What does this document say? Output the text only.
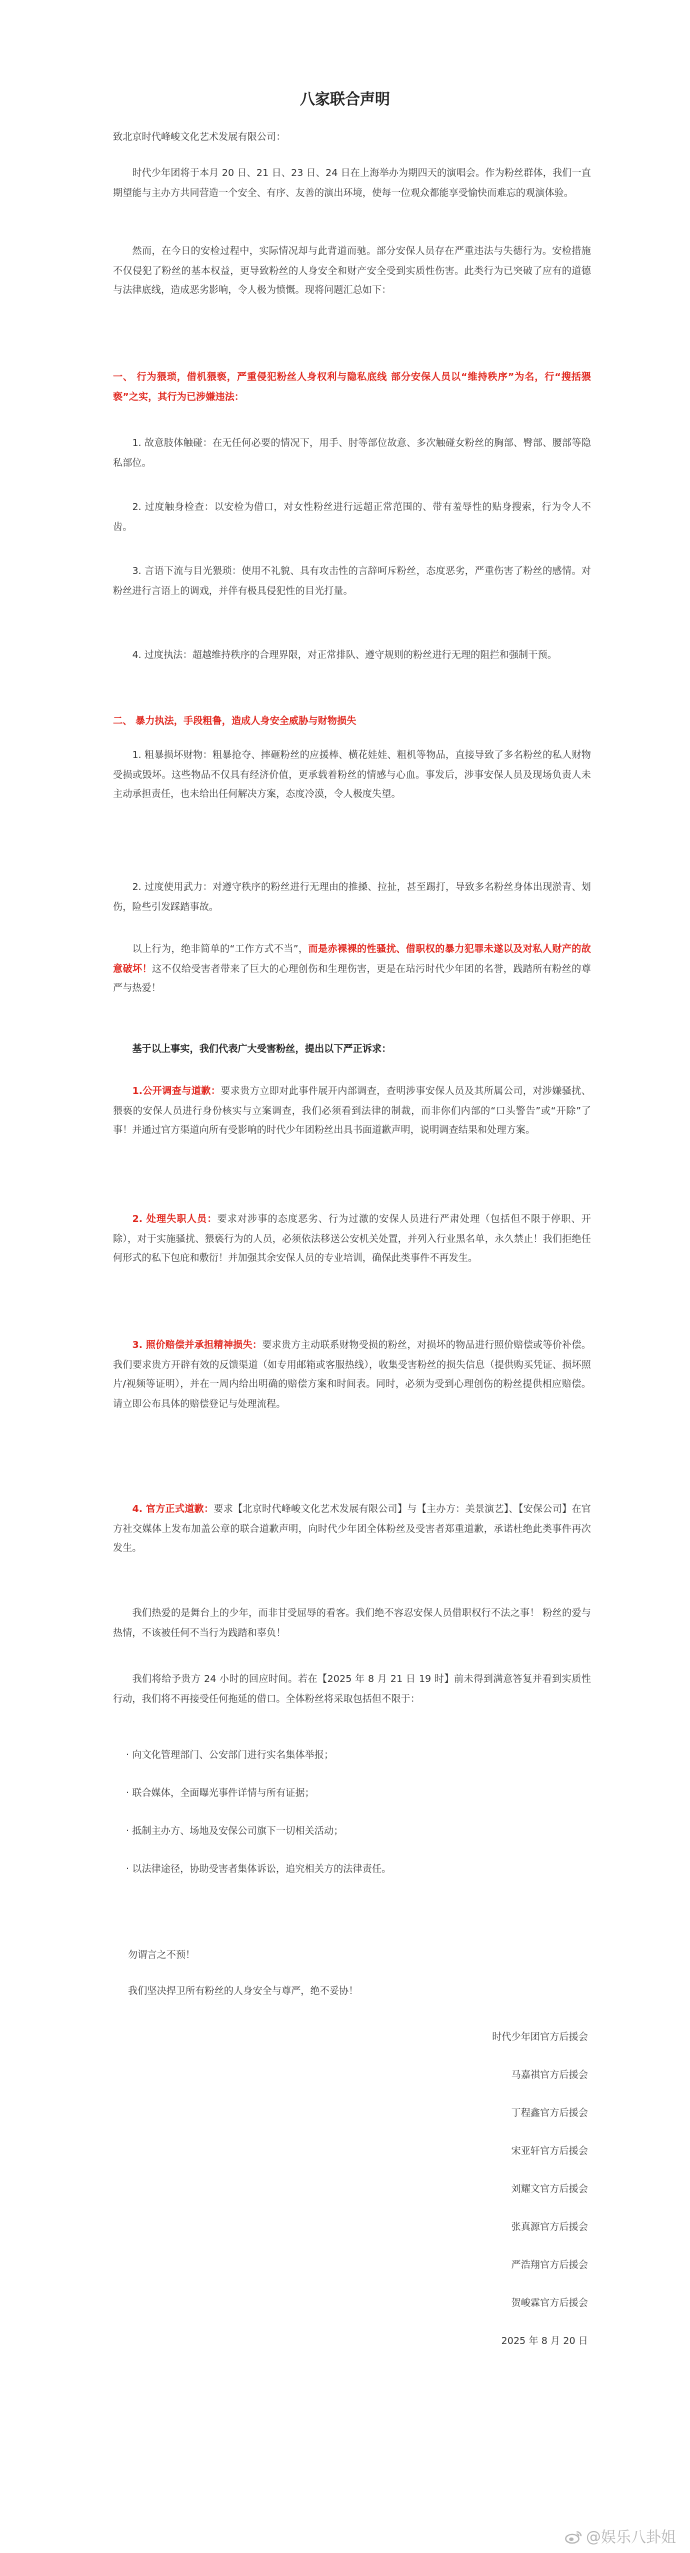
八家联合声明

致北京时代峰峻文化艺术发展有限公司：

时代少年团将于本月 20 日、21 日、23 日、24 日在上海举办为期四天的演唱会。作为粉丝群体，我们一直期望能与主办方共同营造一个安全、有序、友善的演出环境，使每一位观众都能享受愉快而难忘的观演体验。

然而，在今日的安检过程中，实际情况却与此背道而驰。部分安保人员存在严重违法与失德行为。安检措施不仅侵犯了粉丝的基本权益，更导致粉丝的人身安全和财产安全受到实质性伤害。此类行为已突破了应有的道德与法律底线，造成恶劣影响，令人极为愤慨。现将问题汇总如下：

一、 行为猥琐，借机猥亵，严重侵犯粉丝人身权利与隐私底线 部分安保人员以“维持秩序”为名，行“搜括猥亵”之实，其行为已涉嫌违法：

1. 故意肢体触碰：在无任何必要的情况下，用手、肘等部位故意、多次触碰女粉丝的胸部、臀部、腰部等隐私部位。

2. 过度触身检查：以安检为借口，对女性粉丝进行远超正常范围的、带有羞辱性的贴身搜索，行为令人不齿。

3. 言语下流与目光猥琐：使用不礼貌、具有攻击性的言辞呵斥粉丝，态度恶劣，严重伤害了粉丝的感情。对粉丝进行言语上的调戏，并伴有极具侵犯性的目光打量。

4. 过度执法：超越维持秩序的合理界限，对正常排队、遵守规则的粉丝进行无理的阻拦和强制干预。

二、 暴力执法，手段粗鲁，造成人身安全威胁与财物损失

1. 粗暴损坏财物：粗暴抢夺、摔砸粉丝的应援棒、横花娃娃、粗机等物品，直接导致了多名粉丝的私人财物受损或毁坏。这些物品不仅具有经济价值，更承载着粉丝的情感与心血。事发后，涉事安保人员及现场负责人未主动承担责任，也未给出任何解决方案，态度冷漠，令人极度失望。

2. 过度使用武力：对遵守秩序的粉丝进行无理由的推搡、拉扯，甚至踢打，导致多名粉丝身体出现淤青、划伤，险些引发踩踏事故。

以上行为，绝非简单的“工作方式不当”，而是赤裸裸的性骚扰、借职权的暴力犯罪未遂以及对私人财产的故意破坏！这不仅给受害者带来了巨大的心理创伤和生理伤害，更是在玷污时代少年团的名誉，践踏所有粉丝的尊严与热爱！

基于以上事实，我们代表广大受害粉丝，提出以下严正诉求：

1.公开调查与道歉：要求贵方立即对此事件展开内部调查，查明涉事安保人员及其所属公司，对涉嫌骚扰、猥亵的安保人员进行身份核实与立案调查，我们必须看到法律的制裁，而非你们内部的“口头警告”或“开除”了事！并通过官方渠道向所有受影响的时代少年团粉丝出具书面道歉声明，说明调查结果和处理方案。

2. 处理失职人员：要求对涉事的态度恶劣、行为过激的安保人员进行严肃处理（包括但不限于停职、开除），对于实施骚扰、猥亵行为的人员，必须依法移送公安机关处置，并列入行业黑名单，永久禁止！我们拒绝任何形式的私下包庇和敷衍！并加强其余安保人员的专业培训，确保此类事件不再发生。

3. 照价赔偿并承担精神损失：要求贵方主动联系财物受损的粉丝，对损坏的物品进行照价赔偿或等价补偿。我们要求贵方开辟有效的反馈渠道（如专用邮箱或客服热线），收集受害粉丝的损失信息（提供购买凭证、损坏照片/视频等证明），并在一周内给出明确的赔偿方案和时间表。同时，必须为受到心理创伤的粉丝提供相应赔偿。请立即公布具体的赔偿登记与处理流程。

4. 官方正式道歉：要求【北京时代峰峻文化艺术发展有限公司】与【主办方：美景演艺】、【安保公司】在官方社交媒体上发布加盖公章的联合道歉声明，向时代少年团全体粉丝及受害者郑重道歉，承诺杜绝此类事件再次发生。

我们热爱的是舞台上的少年，而非甘受屈辱的看客。我们绝不容忍安保人员借职权行不法之事！ 粉丝的爱与热情，不该被任何不当行为践踏和辜负！

我们将给予贵方 24 小时的回应时间。若在【2025 年 8 月 21 日 19 时】前未得到满意答复并看到实质性行动，我们将不再接受任何拖延的借口。全体粉丝将采取包括但不限于：

· 向文化管理部门、公安部门进行实名集体举报；
· 联合媒体，全面曝光事件详情与所有证据；
· 抵制主办方、场地及安保公司旗下一切相关活动；
· 以法律途径，协助受害者集体诉讼，追究相关方的法律责任。

勿谓言之不预！

我们坚决捍卫所有粉丝的人身安全与尊严，绝不妥协！

时代少年团官方后援会
马嘉祺官方后援会
丁程鑫官方后援会
宋亚轩官方后援会
刘耀文官方后援会
张真源官方后援会
严浩翔官方后援会
贺峻霖官方后援会
2025 年 8 月 20 日
@娱乐八卦姐
